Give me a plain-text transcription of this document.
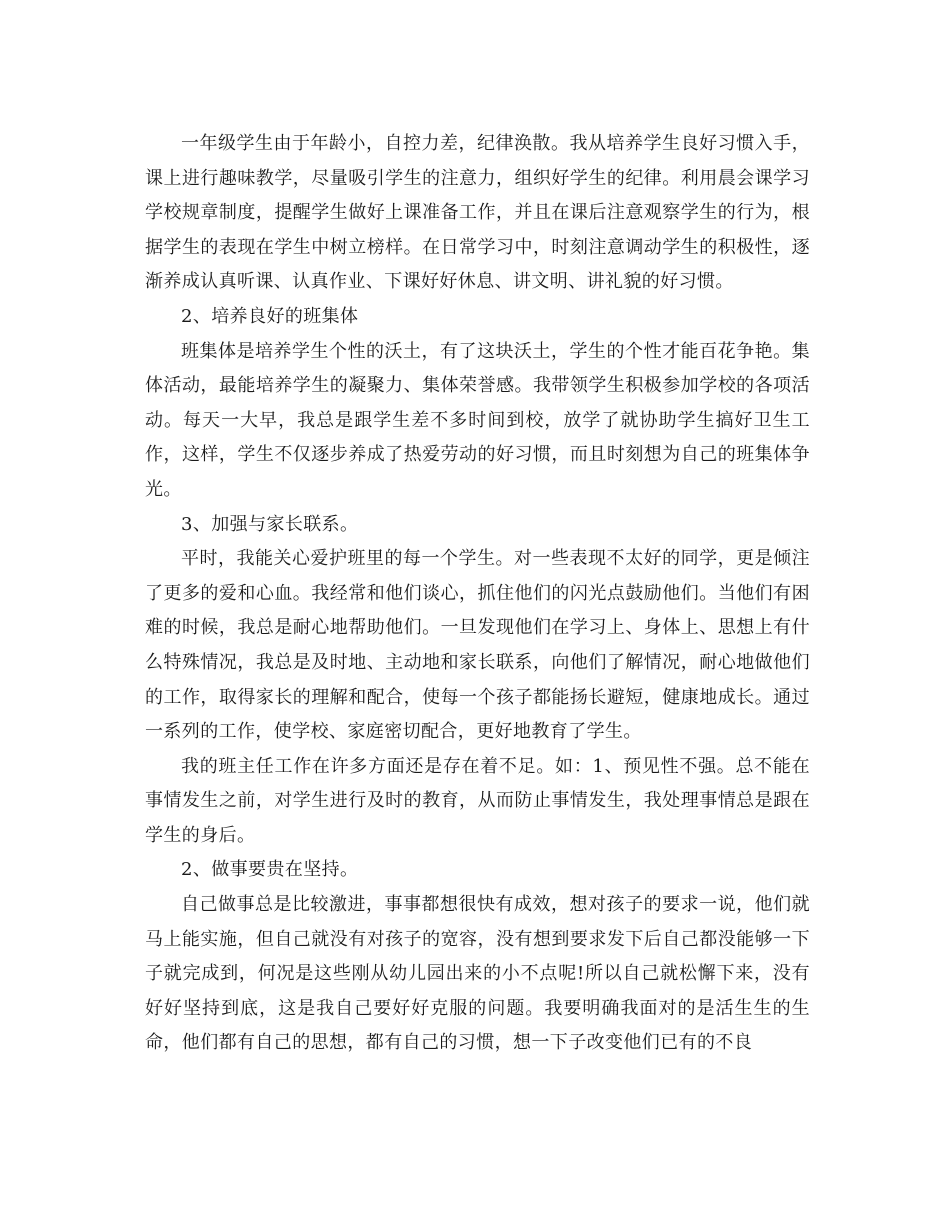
一年级学生由于年龄小，自控力差，纪律涣散。我从培养学生良好习惯入手，课上进行趣味教学，尽量吸引学生的注意力，组织好学生的纪律。利用晨会课学习学校规章制度，提醒学生做好上课准备工作，并且在课后注意观察学生的行为，根据学生的表现在学生中树立榜样。在日常学习中，时刻注意调动学生的积极性，逐渐养成认真听课、认真作业、下课好好休息、讲文明、讲礼貌的好习惯。

2、培养良好的班集体

班集体是培养学生个性的沃土，有了这块沃土，学生的个性才能百花争艳。集体活动，最能培养学生的凝聚力、集体荣誉感。我带领学生积极参加学校的各项活动。每天一大早，我总是跟学生差不多时间到校，放学了就协助学生搞好卫生工作，这样，学生不仅逐步养成了热爱劳动的好习惯，而且时刻想为自己的班集体争光。

3、加强与家长联系。

平时，我能关心爱护班里的每一个学生。对一些表现不太好的同学，更是倾注了更多的爱和心血。我经常和他们谈心，抓住他们的闪光点鼓励他们。当他们有困难的时候，我总是耐心地帮助他们。一旦发现他们在学习上、身体上、思想上有什么特殊情况，我总是及时地、主动地和家长联系，向他们了解情况，耐心地做他们的工作，取得家长的理解和配合，使每一个孩子都能扬长避短，健康地成长。通过一系列的工作，使学校、家庭密切配合，更好地教育了学生。

我的班主任工作在许多方面还是存在着不足。如：1、预见性不强。总不能在事情发生之前，对学生进行及时的教育，从而防止事情发生，我处理事情总是跟在学生的身后。

2、做事要贵在坚持。

自己做事总是比较激进，事事都想很快有成效，想对孩子的要求一说，他们就马上能实施，但自己就没有对孩子的宽容，没有想到要求发下后自己都没能够一下子就完成到，何况是这些刚从幼儿园出来的小不点呢!所以自己就松懈下来，没有好好坚持到底，这是我自己要好好克服的问题。我要明确我面对的是活生生的生命，他们都有自己的思想，都有自己的习惯，想一下子改变他们已有的不良
